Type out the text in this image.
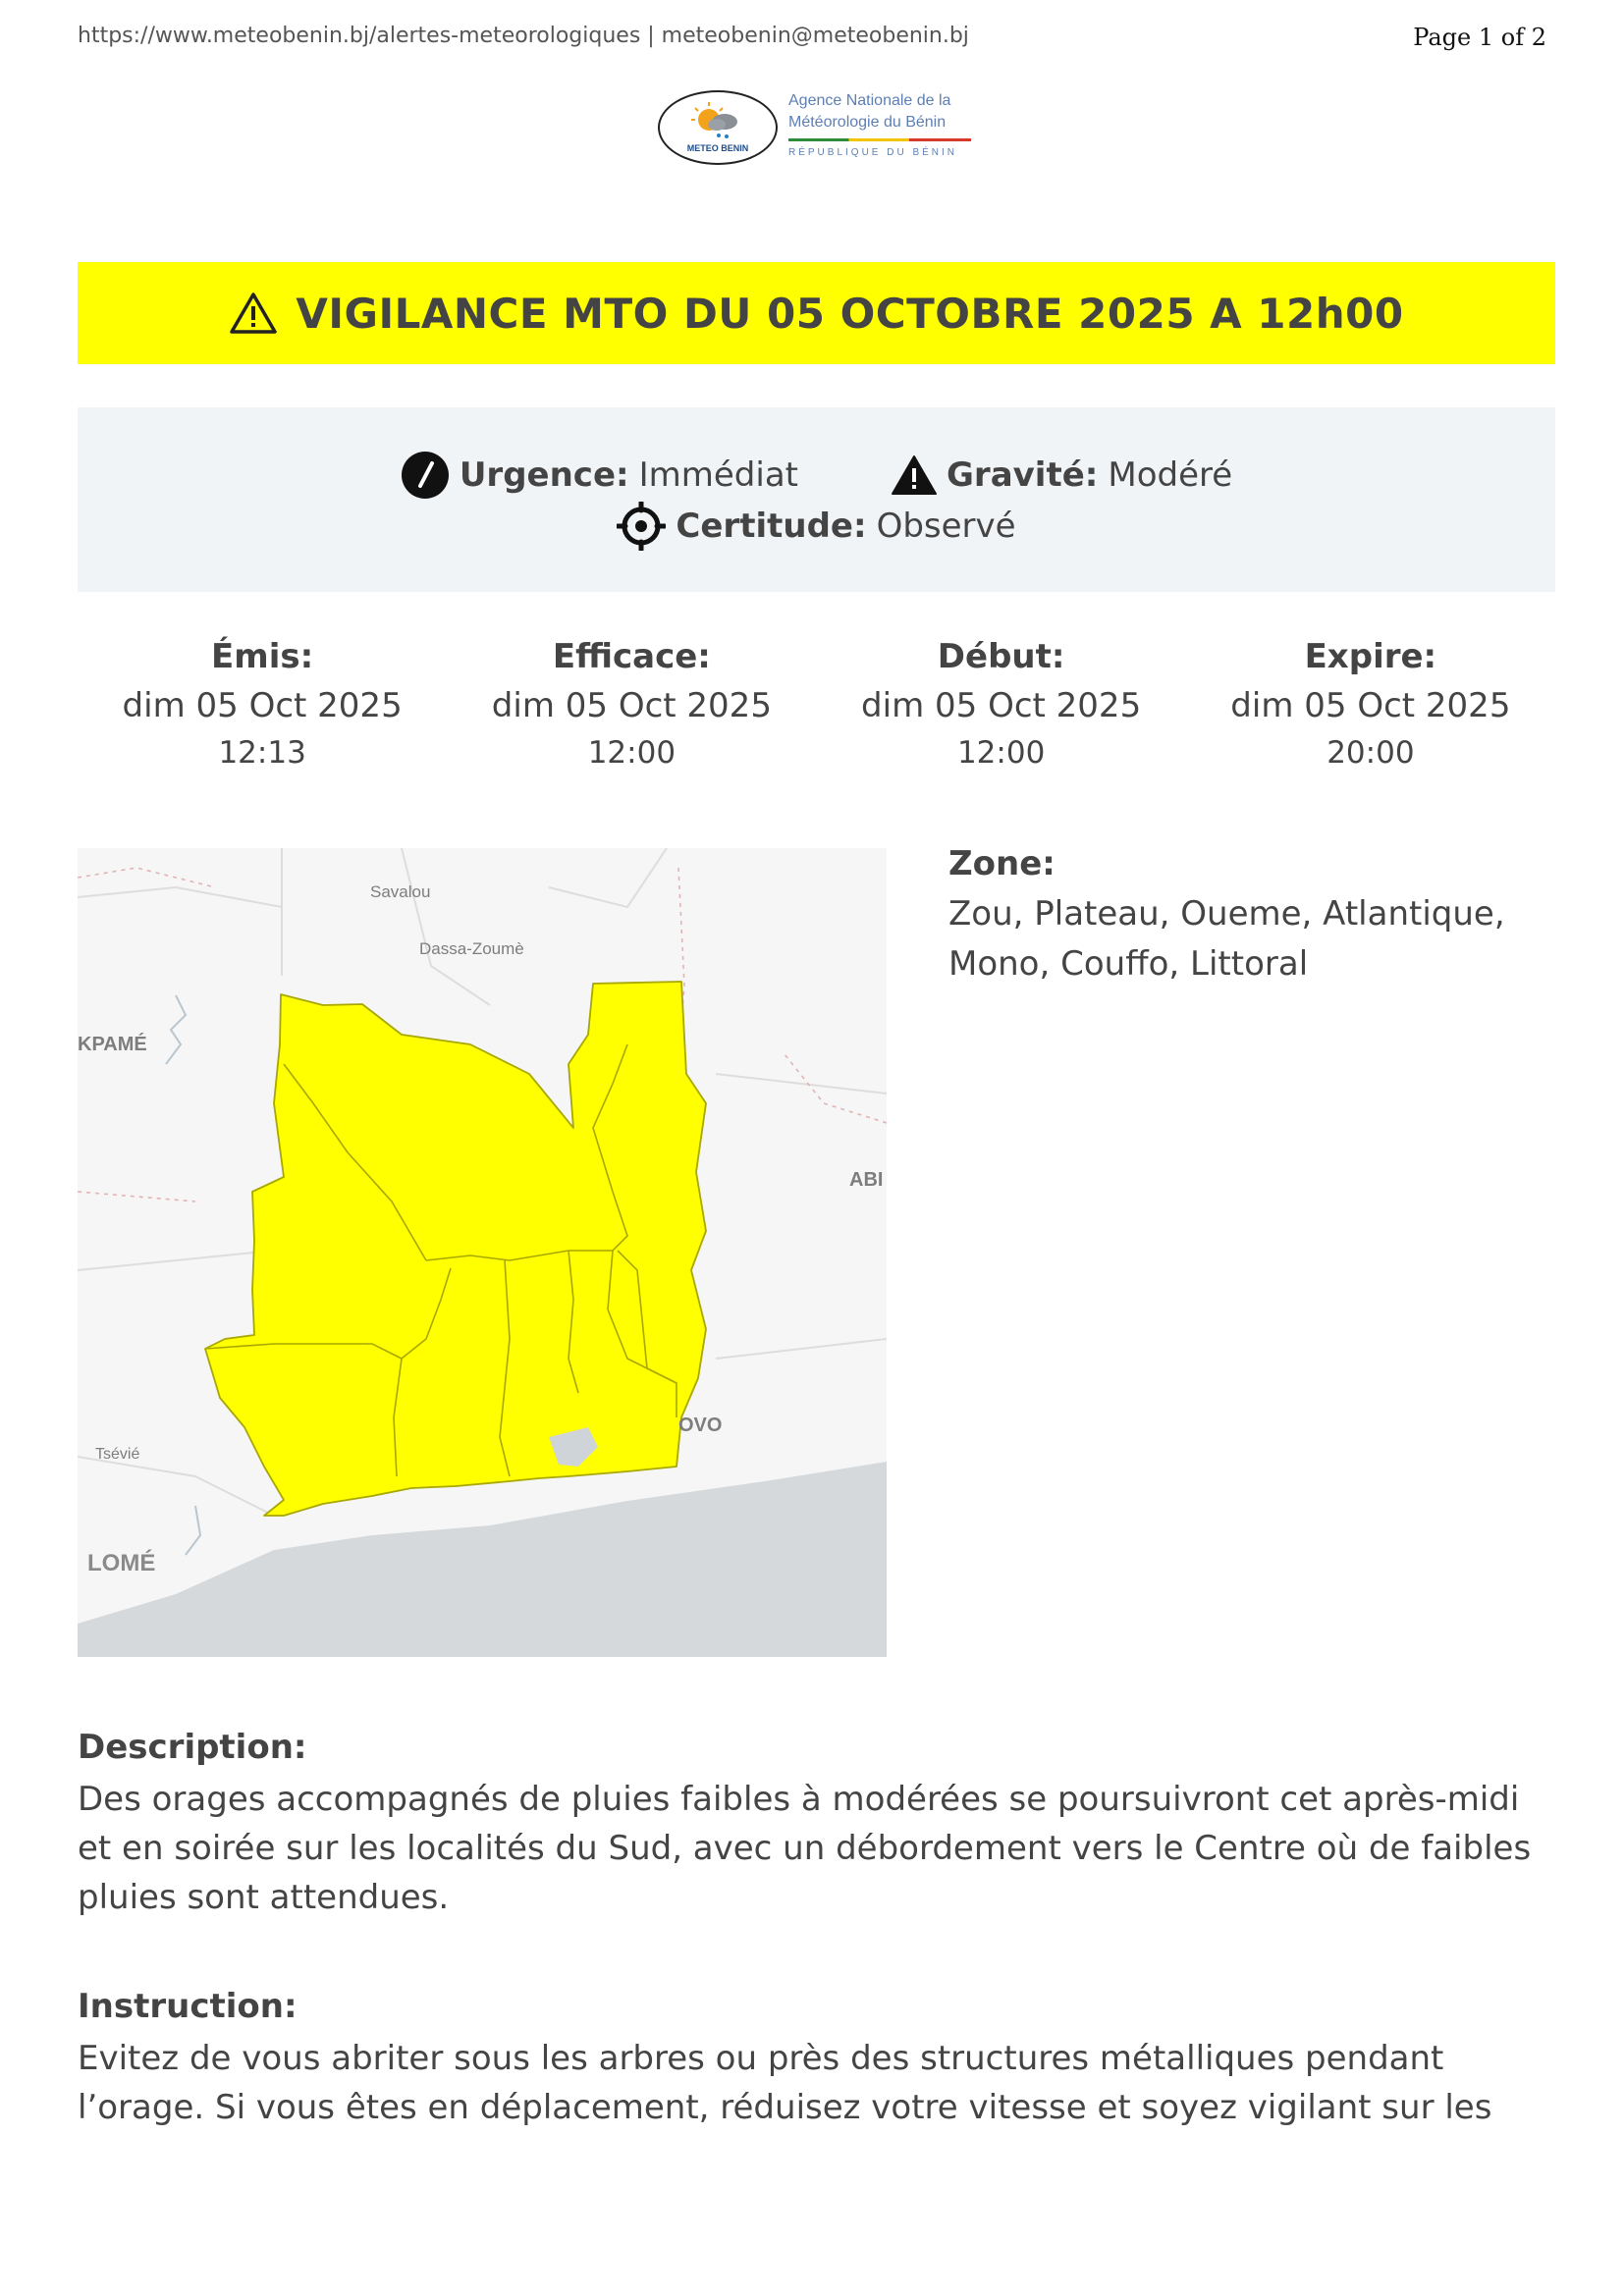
https://www.meteobenin.bj/alertes-meteorologiques | meteobenin@meteobenin.bj	Page 1 of 2
METEO BENIN
Agence Nationale de la
Météorologie du Bénin
RÉPUBLIQUE DU BÉNIN
VIGILANCE MTO DU 05 OCTOBRE 2025 A 12h00
Urgence: Immédiat	Gravité: Modéré
Certitude: Observé
Émis:
dim 05 Oct 2025
12:13
Efficace:
dim 05 Oct 2025
12:00
Début:
dim 05 Oct 2025
12:00
Expire:
dim 05 Oct 2025
20:00
Savalou
Dassa-Zoumè
KPAMÉ
ABI
Tsévié
LOMÉ
OVO
Zone:
Zou, Plateau, Oueme, Atlantique, Mono, Couffo, Littoral
Description:
Des orages accompagnés de pluies faibles à modérées se poursuivront cet après-midi et en soirée sur les localités du Sud, avec un débordement vers le Centre où de faibles pluies sont attendues.
Instruction:
Evitez de vous abriter sous les arbres ou près des structures métalliques pendant l’orage. Si vous êtes en déplacement, réduisez votre vitesse et soyez vigilant sur les
